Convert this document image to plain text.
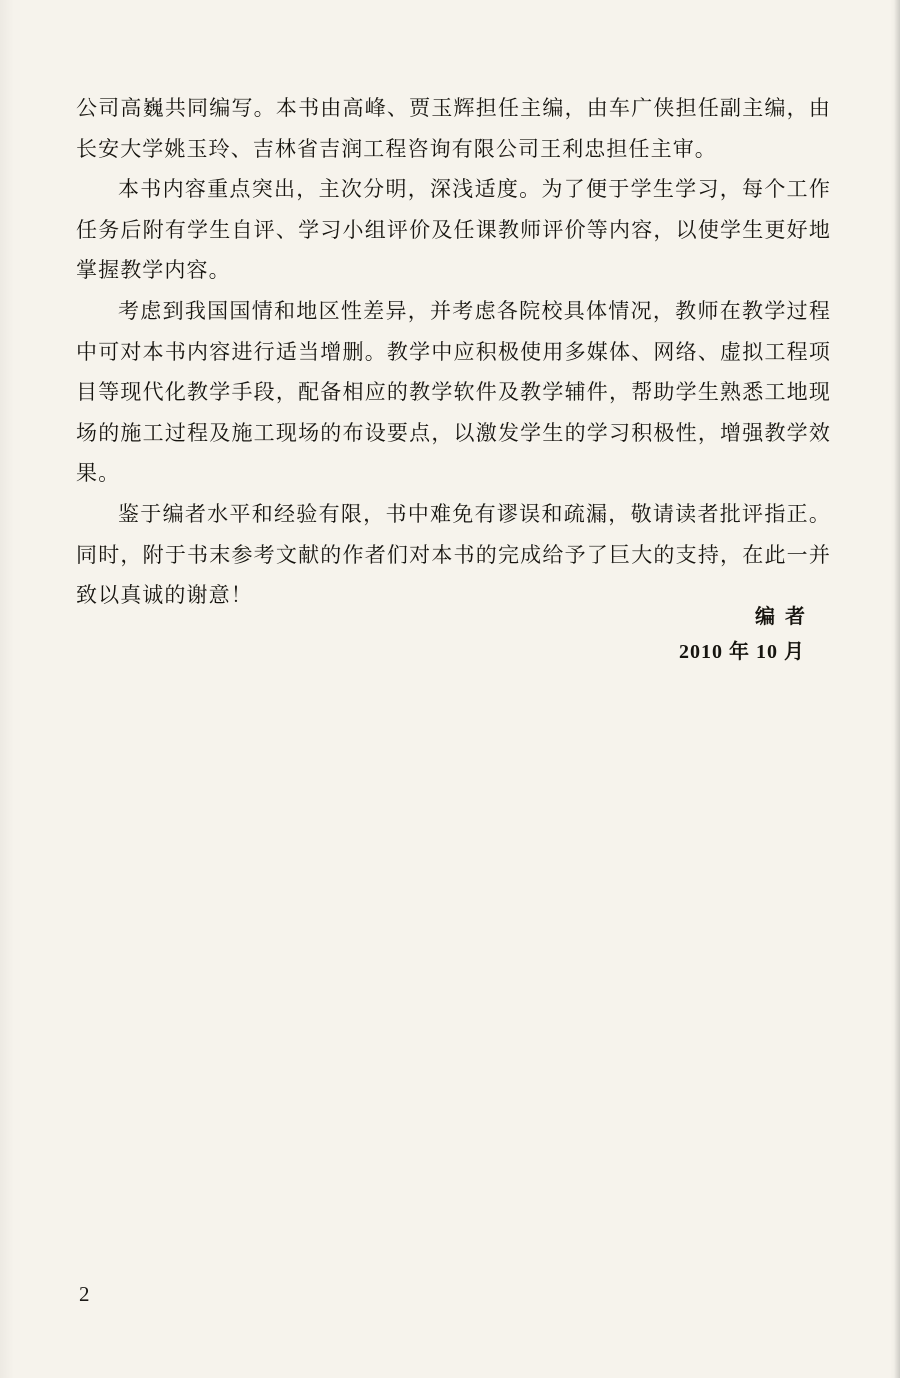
公司高巍共同编写。本书由高峰、贾玉辉担任主编，由车广侠担任副主编，由长安大学姚玉玲、吉林省吉润工程咨询有限公司王利忠担任主审。

本书内容重点突出，主次分明，深浅适度。为了便于学生学习，每个工作任务后附有学生自评、学习小组评价及任课教师评价等内容，以使学生更好地掌握教学内容。

考虑到我国国情和地区性差异，并考虑各院校具体情况，教师在教学过程中可对本书内容进行适当增删。教学中应积极使用多媒体、网络、虚拟工程项目等现代化教学手段，配备相应的教学软件及教学辅件，帮助学生熟悉工地现场的施工过程及施工现场的布设要点，以激发学生的学习积极性，增强教学效果。

鉴于编者水平和经验有限，书中难免有谬误和疏漏，敬请读者批评指正。同时，附于书末参考文献的作者们对本书的完成给予了巨大的支持，在此一并致以真诚的谢意！

编者
2010 年 10 月
2
